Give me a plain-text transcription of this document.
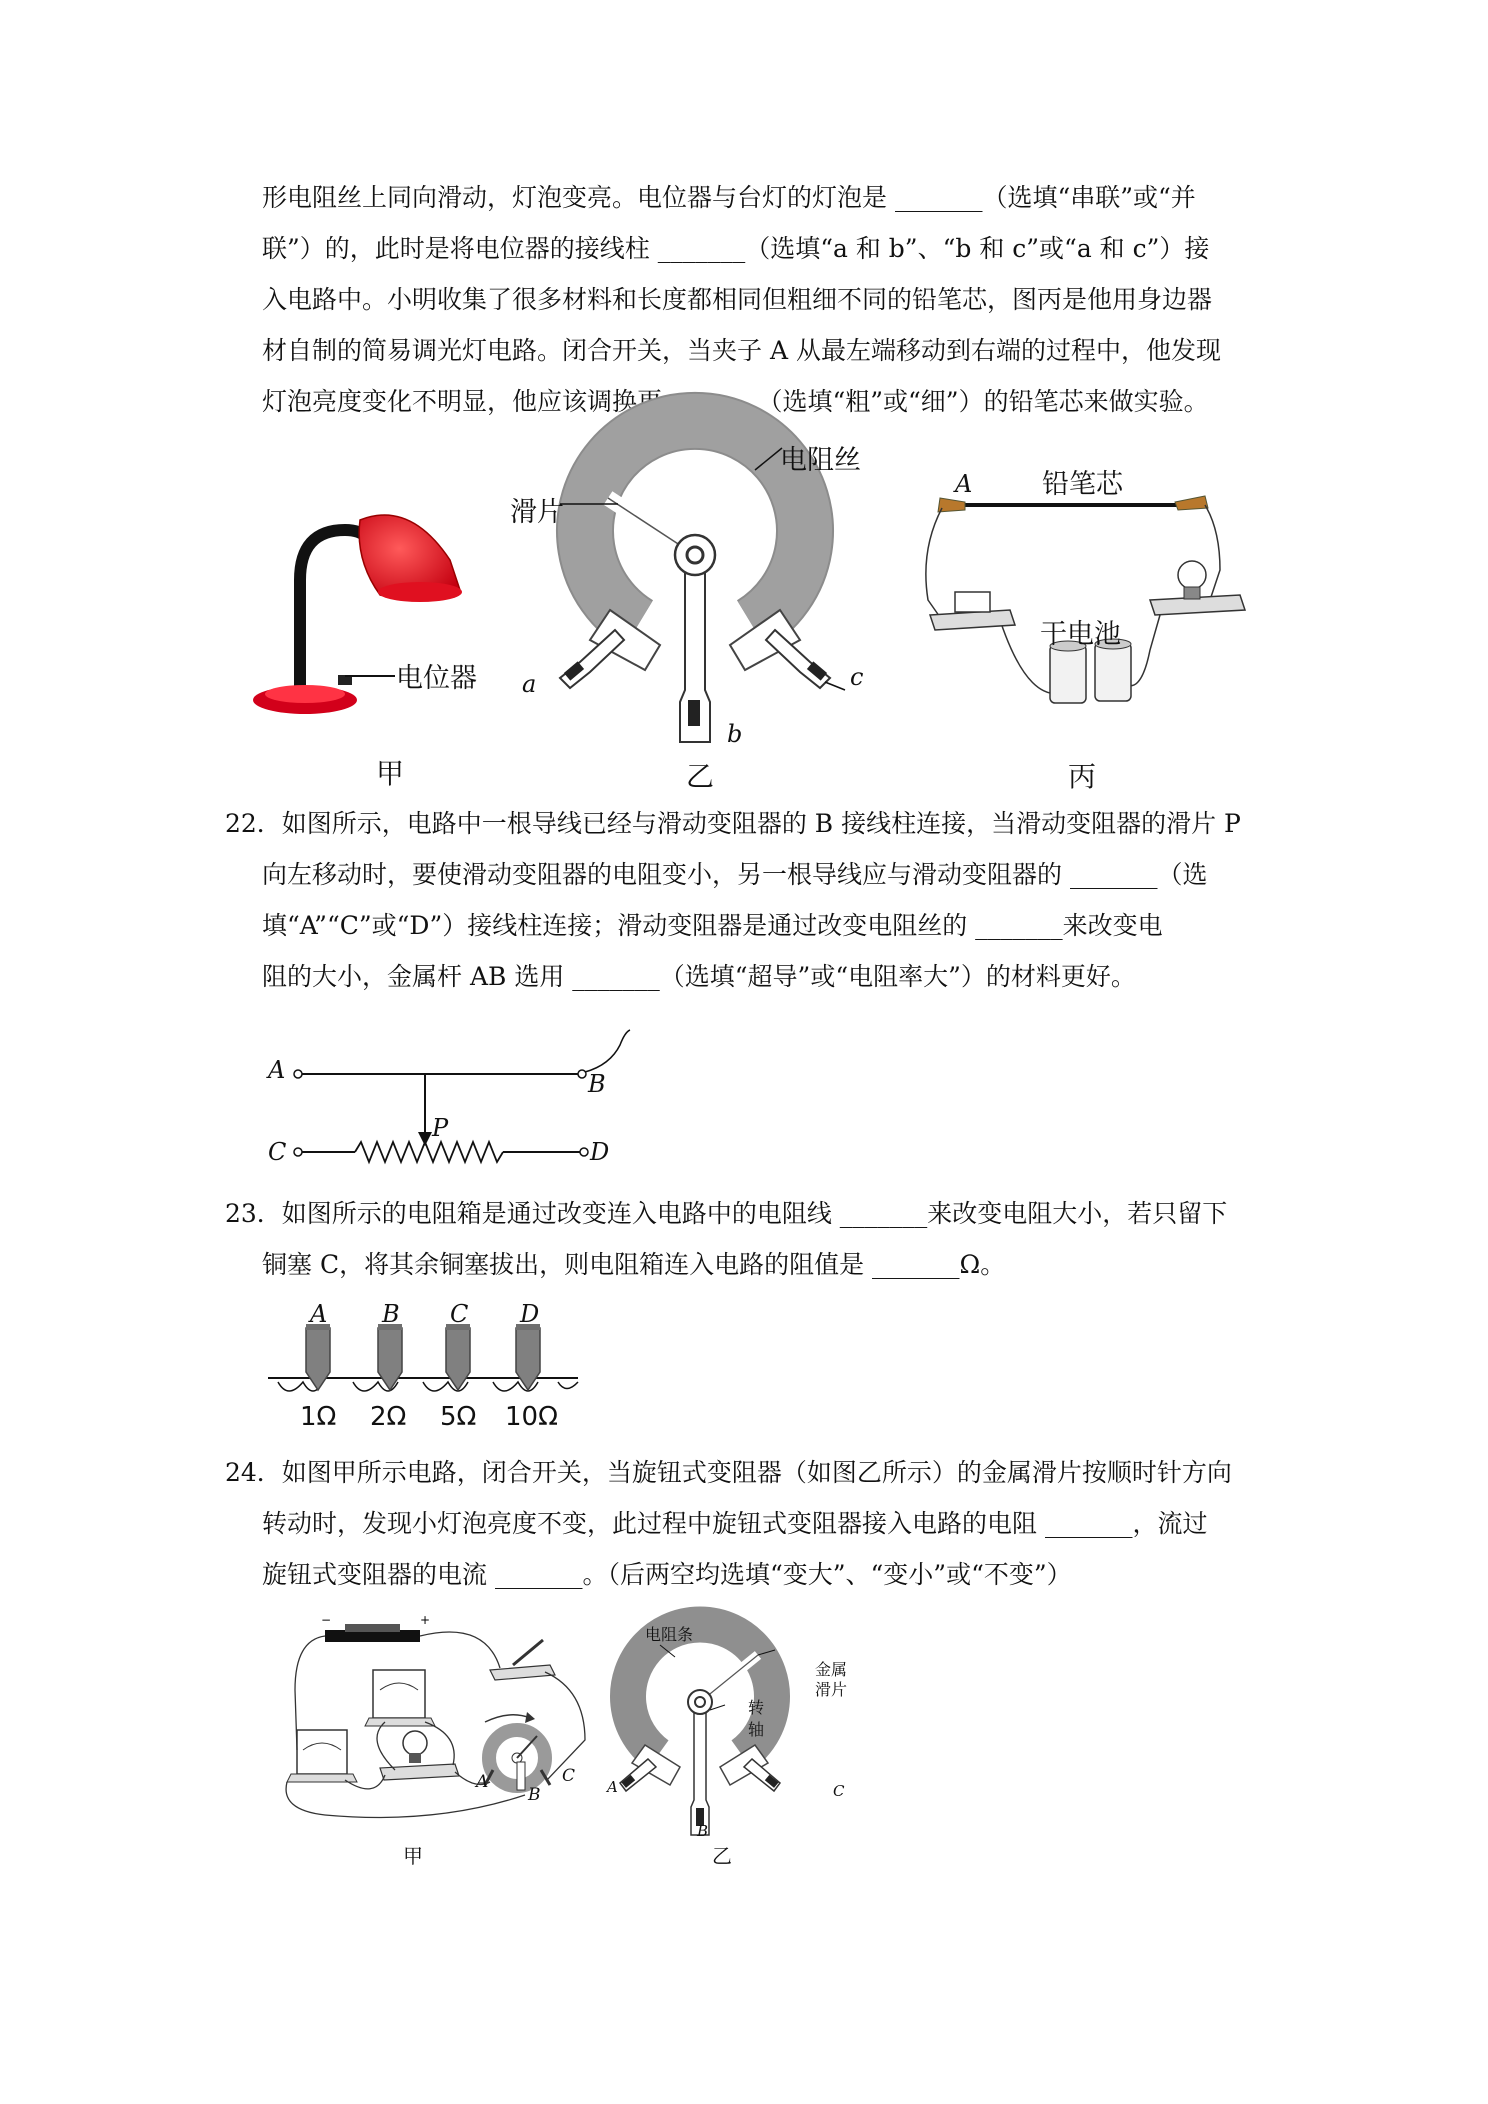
形电阻丝上同向滑动，灯泡变亮。电位器与台灯的灯泡是 _______（选填“串联”或“并
联”）的，此时是将电位器的接线柱 _______（选填“a 和 b”、“b 和 c”或“a 和 c”）接
入电路中。小明收集了很多材料和长度都相同但粗细不同的铅笔芯，图丙是他用身边器
材自制的简易调光灯电路。闭合开关，当夹子 A 从最左端移动到右端的过程中，他发现
灯泡亮度变化不明显，他应该调换更 _______（选填“粗”或“细”）的铅笔芯来做实验。
电位器
甲
电阻丝
滑片
a
b
c
乙
A	铅笔芯
干电池
丙
22．如图所示，电路中一根导线已经与滑动变阻器的 B 接线柱连接，当滑动变阻器的滑片 P
向左移动时，要使滑动变阻器的电阻变小，另一根导线应与滑动变阻器的 _______（选
填“A”“C”或“D”）接线柱连接；滑动变阻器是通过改变电阻丝的 _______来改变电
阻的大小，金属杆 AB 选用 _______（选填“超导”或“电阻率大”）的材料更好。
A	B
P
C	D
23．如图所示的电阻箱是通过改变连入电路中的电阻线 _______来改变电阻大小，若只留下
铜塞 C，将其余铜塞拔出，则电阻箱连入电路的阻值是 _______Ω。
A B C D
1Ω 2Ω 5Ω 10Ω
24．如图甲所示电路，闭合开关，当旋钮式变阻器（如图乙所示）的金属滑片按顺时针方向
转动时，发现小灯泡亮度不变，此过程中旋钮式变阻器接入电路的电阻 _______，流过
旋钮式变阻器的电流 _______。（后两空均选填“变大”、“变小”或“不变”）
−	+
A
B
C
甲
电阻条
金属
滑片
转
轴
A
B
C
乙
